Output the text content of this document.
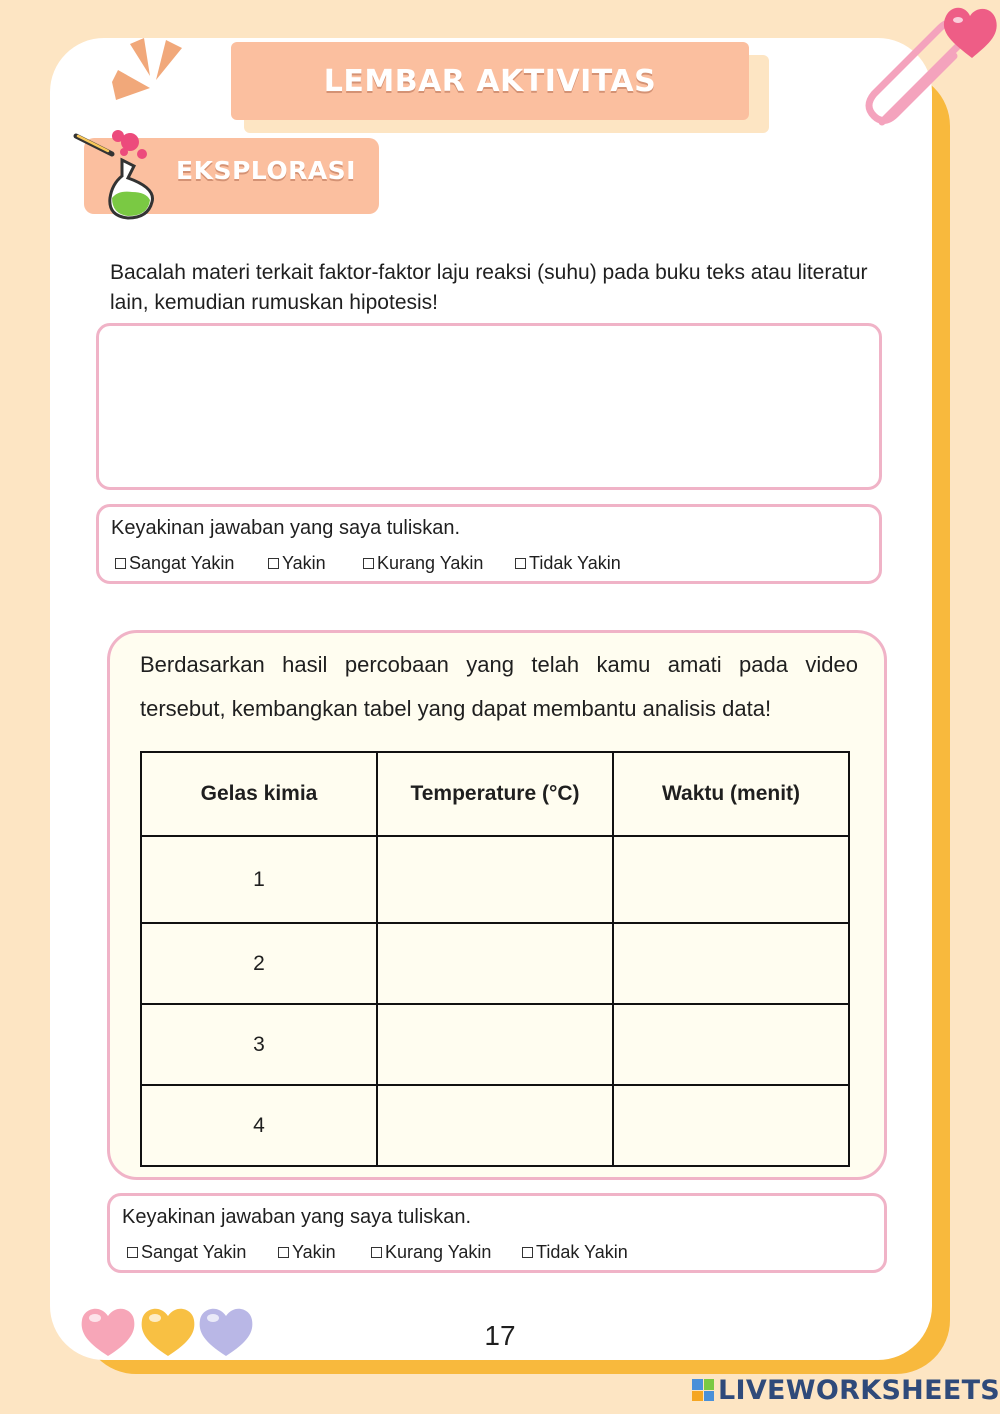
LEMBAR AKTIVITAS
EKSPLORASI

Bacalah materi terkait faktor-faktor laju reaksi (suhu) pada buku teks atau literatur lain, kemudian rumuskan hipotesis!

Keyakinan jawaban yang saya tuliskan.
Sangat Yakin	Yakin	Kurang Yakin	Tidak Yakin

Berdasarkan hasil percobaan yang telah kamu amati pada video
tersebut, kembangkan tabel yang dapat membantu analisis data!

Gelas kimia	Temperature (°C)	Waktu (menit)
1		
2		
3		
4		
Keyakinan jawaban yang saya tuliskan.
Sangat Yakin	Yakin	Kurang Yakin Tidak Yakin
17
LIVEWORKSHEETS
